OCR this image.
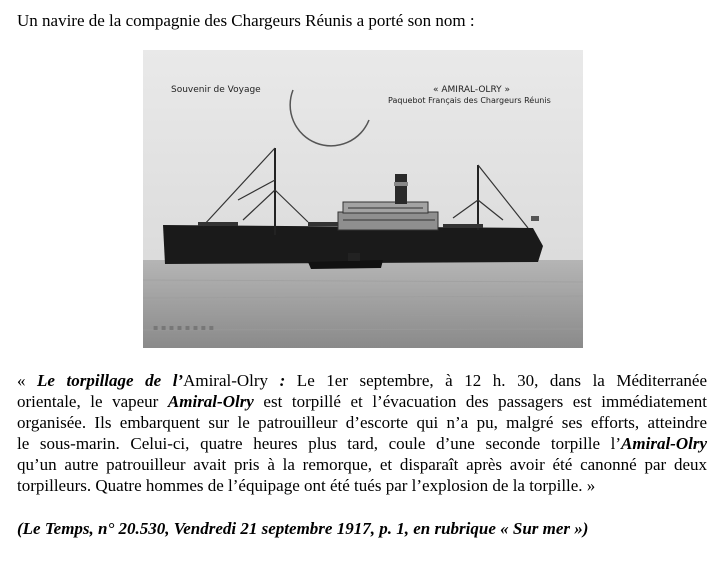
Un navire de la compagnie des Chargeurs Réunis a porté son nom :
▪ ▪ ▪ ▪ ▪ ▪ ▪ ▪
Souvenir de Voyage	« AMIRAL-OLRY »
Paquebot Français des Chargeurs Réunis
« Le torpillage de l’Amiral-Olry : Le 1er septembre, à 12 h. 30, dans la Méditerranée
orientale, le vapeur Amiral-Olry est torpillé et l’évacuation des passagers est immédiatement
organisée. Ils embarquent sur le patrouilleur d’escorte qui n’a pu, malgré ses efforts, atteindre
le sous-marin. Celui-ci, quatre heures plus tard, coule d’une seconde torpille l’Amiral-Olry
qu’un autre patrouilleur avait pris à la remorque, et disparaît après avoir été canonné par deux
torpilleurs. Quatre hommes de l’équipage ont été tués par l’explosion de la torpille. »
(Le Temps, n° 20.530, Vendredi 21 septembre 1917, p. 1, en rubrique « Sur mer »)
